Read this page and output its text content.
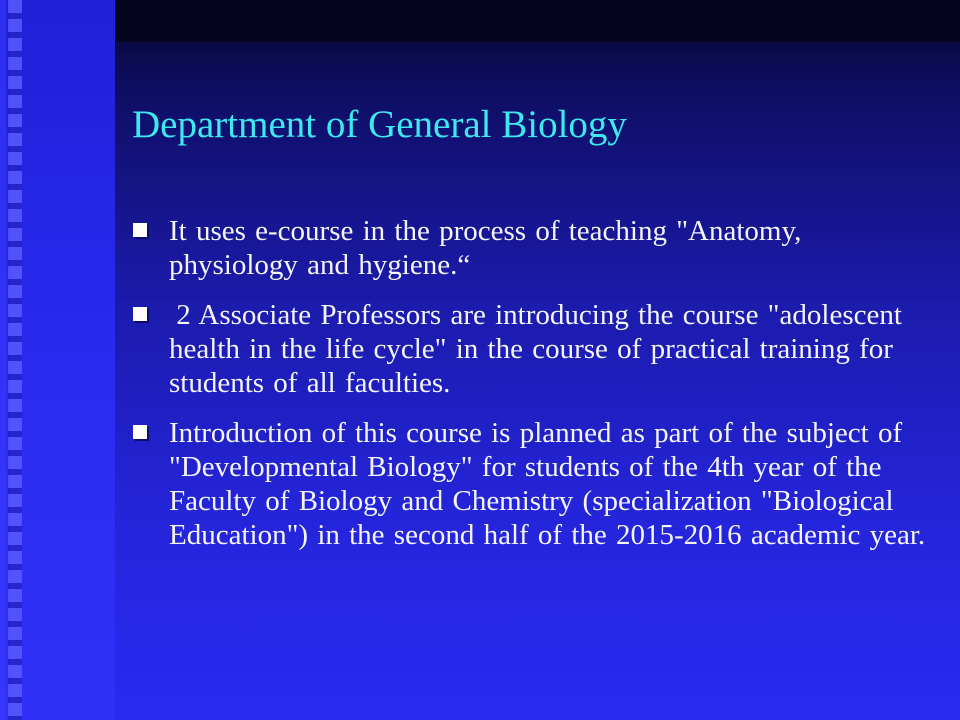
Department of General Biology
It uses e-course in the process of teaching "Anatomy, physiology and hygiene.“
2 Associate Professors are introducing the course "adolescent health in the life cycle" in the course of practical training for students of all faculties.
Introduction of this course is planned as part of the subject of "Developmental Biology" for students of the 4th year of the Faculty of Biology and Chemistry (specialization "Biological Education") in the second half of the 2015-2016 academic year.
